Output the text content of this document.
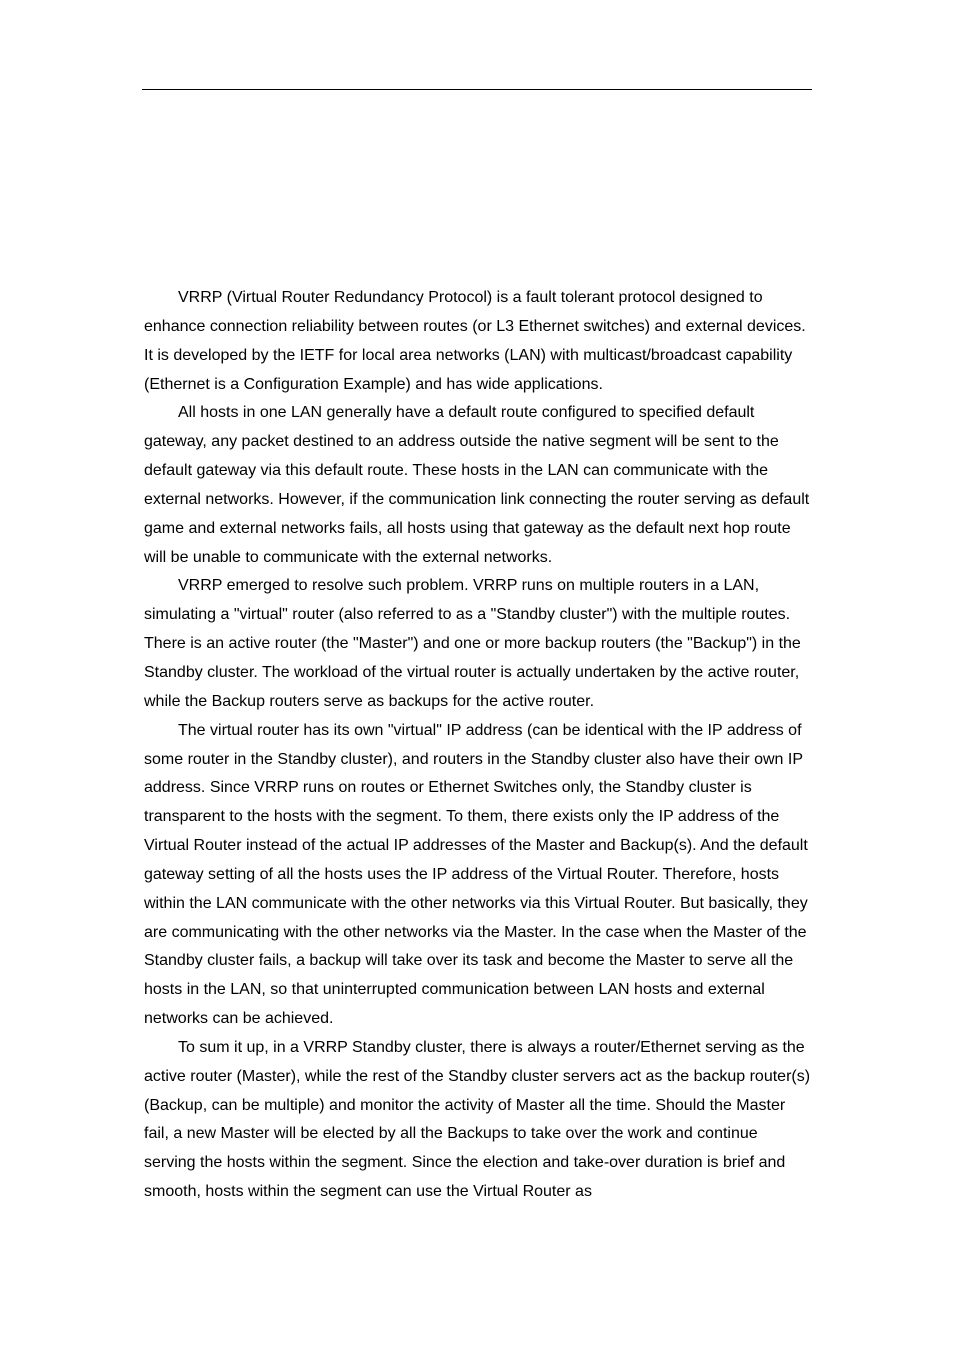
VRRP (Virtual Router Redundancy Protocol) is a fault tolerant protocol designed to enhance connection reliability between routes (or L3 Ethernet switches) and external devices. It is developed by the IETF for local area networks (LAN) with multicast/broadcast capability (Ethernet is a Configuration Example) and has wide applications.

All hosts in one LAN generally have a default route configured to specified default gateway, any packet destined to an address outside the native segment will be sent to the default gateway via this default route. These hosts in the LAN can communicate with the external networks. However, if the communication link connecting the router serving as default game and external networks fails, all hosts using that gateway as the default next hop route will be unable to communicate with the external networks.

VRRP emerged to resolve such problem. VRRP runs on multiple routers in a LAN, simulating a "virtual" router (also referred to as a "Standby cluster") with the multiple routes. There is an active router (the "Master") and one or more backup routers (the "Backup") in the Standby cluster. The workload of the virtual router is actually undertaken by the active router, while the Backup routers serve as backups for the active router.

The virtual router has its own "virtual" IP address (can be identical with the IP address of some router in the Standby cluster), and routers in the Standby cluster also have their own IP address. Since VRRP runs on routes or Ethernet Switches only, the Standby cluster is transparent to the hosts with the segment. To them, there exists only the IP address of the Virtual Router instead of the actual IP addresses of the Master and Backup(s). And the default gateway setting of all the hosts uses the IP address of the Virtual Router. Therefore, hosts within the LAN communicate with the other networks via this Virtual Router. But basically, they are communicating with the other networks via the Master. In the case when the Master of the Standby cluster fails, a backup will take over its task and become the Master to serve all the hosts in the LAN, so that uninterrupted communication between LAN hosts and external networks can be achieved.

To sum it up, in a VRRP Standby cluster, there is always a router/Ethernet serving as the active router (Master), while the rest of the Standby cluster servers act as the backup router(s) (Backup, can be multiple) and monitor the activity of Master all the time. Should the Master fail, a new Master will be elected by all the Backups to take over the work and continue serving the hosts within the segment. Since the election and take-over duration is brief and smooth, hosts within the segment can use the Virtual Router as
